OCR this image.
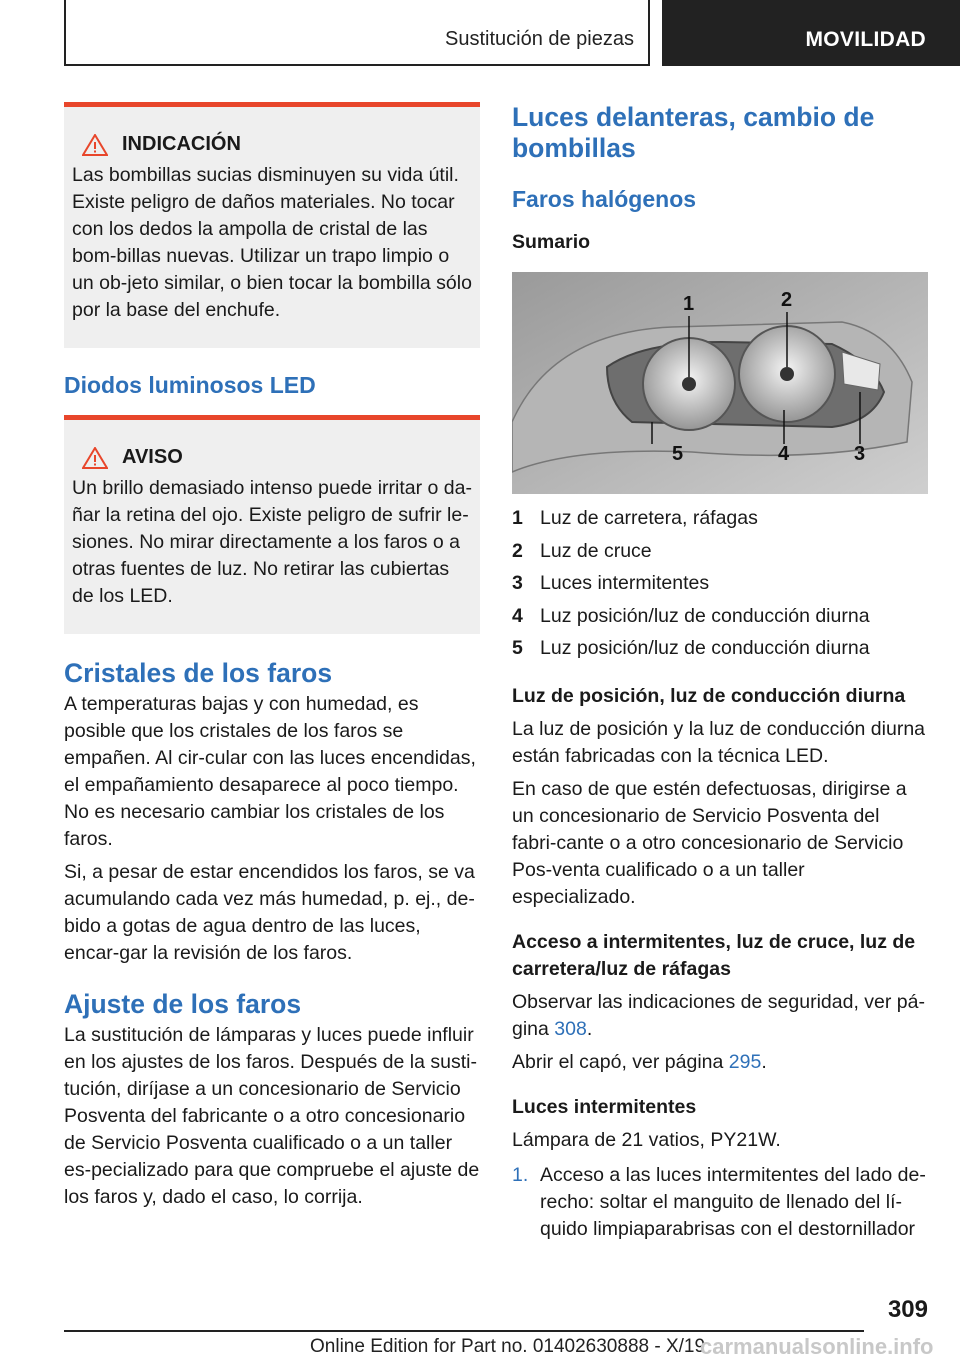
Sustitución de piezas	MOVILIDAD
INDICACIÓN

Las bombillas sucias disminuyen su vida útil. Existe peligro de daños materiales. No tocar con los dedos la ampolla de cristal de las bom-billas nuevas. Utilizar un trapo limpio o un ob-jeto similar, o bien tocar la bombilla sólo por la base del enchufe.

Diodos luminosos LED
AVISO

Un brillo demasiado intenso puede irritar o da-ñar la retina del ojo. Existe peligro de sufrir le-siones. No mirar directamente a los faros o a otras fuentes de luz. No retirar las cubiertas de los LED.

Cristales de los faros

A temperaturas bajas y con humedad, es posible que los cristales de los faros se empañen. Al cir-cular con las luces encendidas, el empañamiento desaparece al poco tiempo. No es necesario cambiar los cristales de los faros.

Si, a pesar de estar encendidos los faros, se va acumulando cada vez más humedad, p. ej., de-bido a gotas de agua dentro de las luces, encar-gar la revisión de los faros.

Ajuste de los faros

La sustitución de lámparas y luces puede influir en los ajustes de los faros. Después de la susti-tución, diríjase a un concesionario de Servicio Posventa del fabricante o a otro concesionario de Servicio Posventa cualificado o a un taller es-pecializado para que compruebe el ajuste de los faros y, dado el caso, lo corrija.

Luces delanteras, cambio de bombillas
Faros halógenos
Sumario
1	2
3
4
5
1 Luz de carretera, ráfagas
2 Luz de cruce
3 Luces intermitentes
4 Luz posición/luz de conducción diurna
5 Luz posición/luz de conducción diurna
Luz de posición, luz de conducción diurna

La luz de posición y la luz de conducción diurna están fabricadas con la técnica LED.

En caso de que estén defectuosas, dirigirse a un concesionario de Servicio Posventa del fabri-cante o a otro concesionario de Servicio Pos-venta cualificado o a un taller especializado.

Acceso a intermitentes, luz de cruce, luz de carretera/luz de ráfagas

Observar las indicaciones de seguridad, ver pá-gina 308.

Abrir el capó, ver página 295.

Luces intermitentes

Lámpara de 21 vatios, PY21W.

1. Acceso a las luces intermitentes del lado de-recho: soltar el manguito de llenado del lí-quido limpiaparabrisas con el destornillador
309
Online Edition for Part no. 01402630888 - X/19
carmanualsonline.info
